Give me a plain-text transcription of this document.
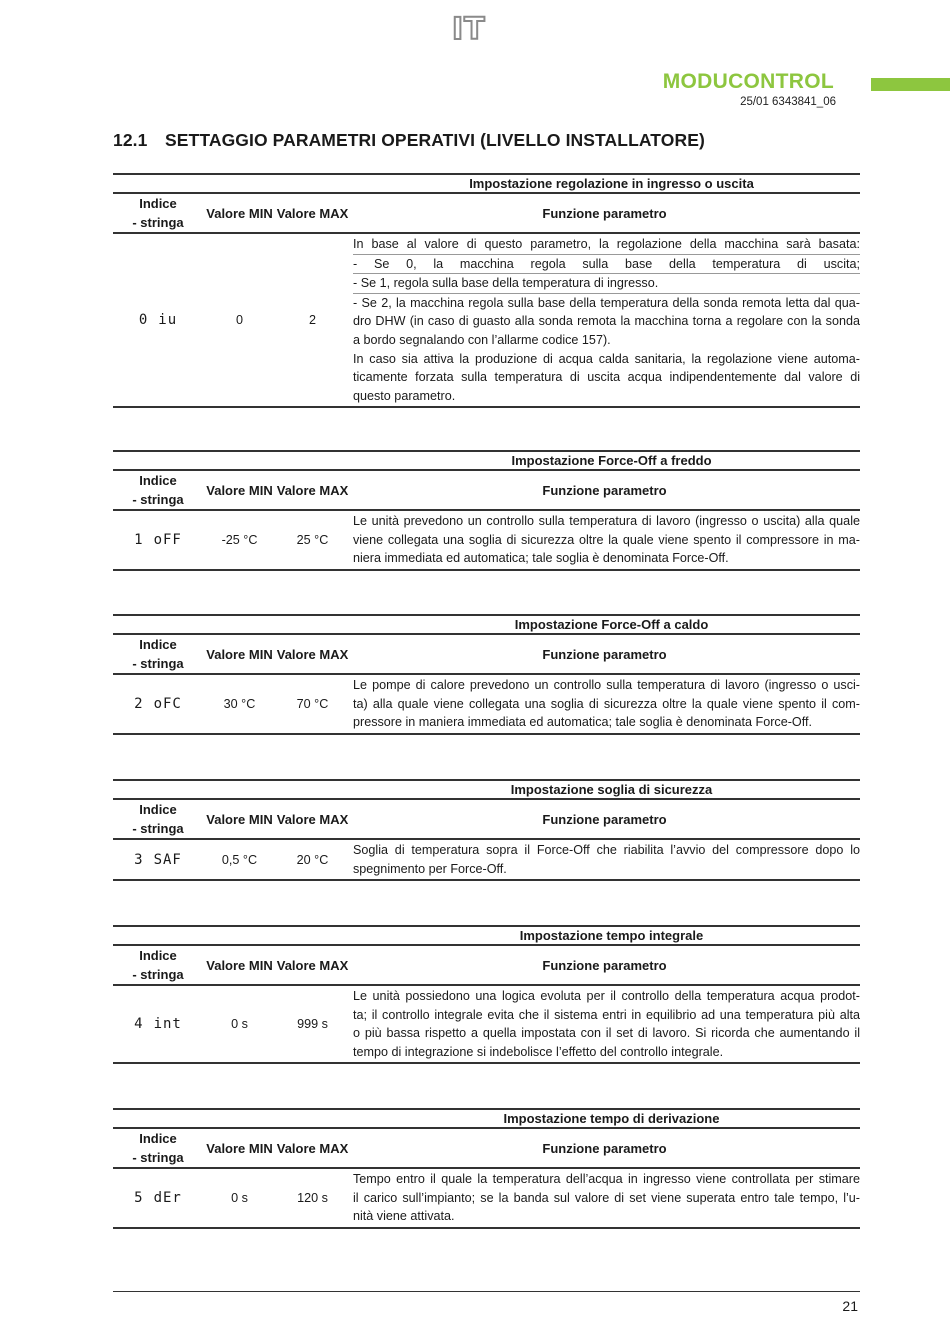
IT
MODUCONTROL
25/01 6343841_06
12.1 SETTAGGIO PARAMETRI OPERATIVI (LIVELLO INSTALLATORE)
Impostazione regolazione in ingresso o uscita
Indice
- stringa
Valore MIN Valore MAX	Funzione parametro
0 iu	0	2
In base al valore di questo parametro, la regolazione della macchina sarà basata:
- Se 0, la macchina regola sulla base della temperatura di uscita;
- Se 1, regola sulla base della temperatura di ingresso.
- Se 2, la macchina regola sulla base della temperatura della sonda remota letta dal qua-
dro DHW (in caso di guasto alla sonda remota la macchina torna a regolare con la sonda
a bordo segnalando con l’allarme codice 157).
In caso sia attiva la produzione di acqua calda sanitaria, la regolazione viene automa-
ticamente forzata sulla temperatura di uscita acqua indipendentemente dal valore di
questo parametro.
Impostazione Force-Off a freddo
Indice
- stringa
Valore MIN Valore MAX	Funzione parametro
1 oFF	-25 °C	25 °C
Le unità prevedono un controllo sulla temperatura di lavoro (ingresso o uscita) alla quale
viene collegata una soglia di sicurezza oltre la quale viene spento il compressore in ma-
niera immediata ed automatica; tale soglia è denominata Force-Off.
Impostazione Force-Off a caldo
Indice
- stringa
Valore MIN Valore MAX	Funzione parametro
2 oFC	30 °C	70 °C
Le pompe di calore prevedono un controllo sulla temperatura di lavoro (ingresso o usci-
ta) alla quale viene collegata una soglia di sicurezza oltre la quale viene spento il com-
pressore in maniera immediata ed automatica; tale soglia è denominata Force-Off.
Impostazione soglia di sicurezza
Indice
- stringa
Valore MIN Valore MAX	Funzione parametro
3 SAF	0,5 °C	20 °C
Soglia di temperatura sopra il Force-Off che riabilita l’avvio del compressore dopo lo
spegnimento per Force-Off.
Impostazione tempo integrale
Indice
- stringa
Valore MIN Valore MAX	Funzione parametro
4 int	0 s	999 s
Le unità possiedono una logica evoluta per il controllo della temperatura acqua prodot-
ta; il controllo integrale evita che il sistema entri in equilibrio ad una temperatura più alta
o più bassa rispetto a quella impostata con il set di lavoro. Si ricorda che aumentando il
tempo di integrazione si indebolisce l’effetto del controllo integrale.
Impostazione tempo di derivazione
Indice
- stringa
Valore MIN Valore MAX	Funzione parametro
5 dEr	0 s	120 s
Tempo entro il quale la temperatura dell’acqua in ingresso viene controllata per stimare
il carico sull’impianto; se la banda sul valore di set viene superata entro tale tempo, l’u-
nità viene attivata.
21
